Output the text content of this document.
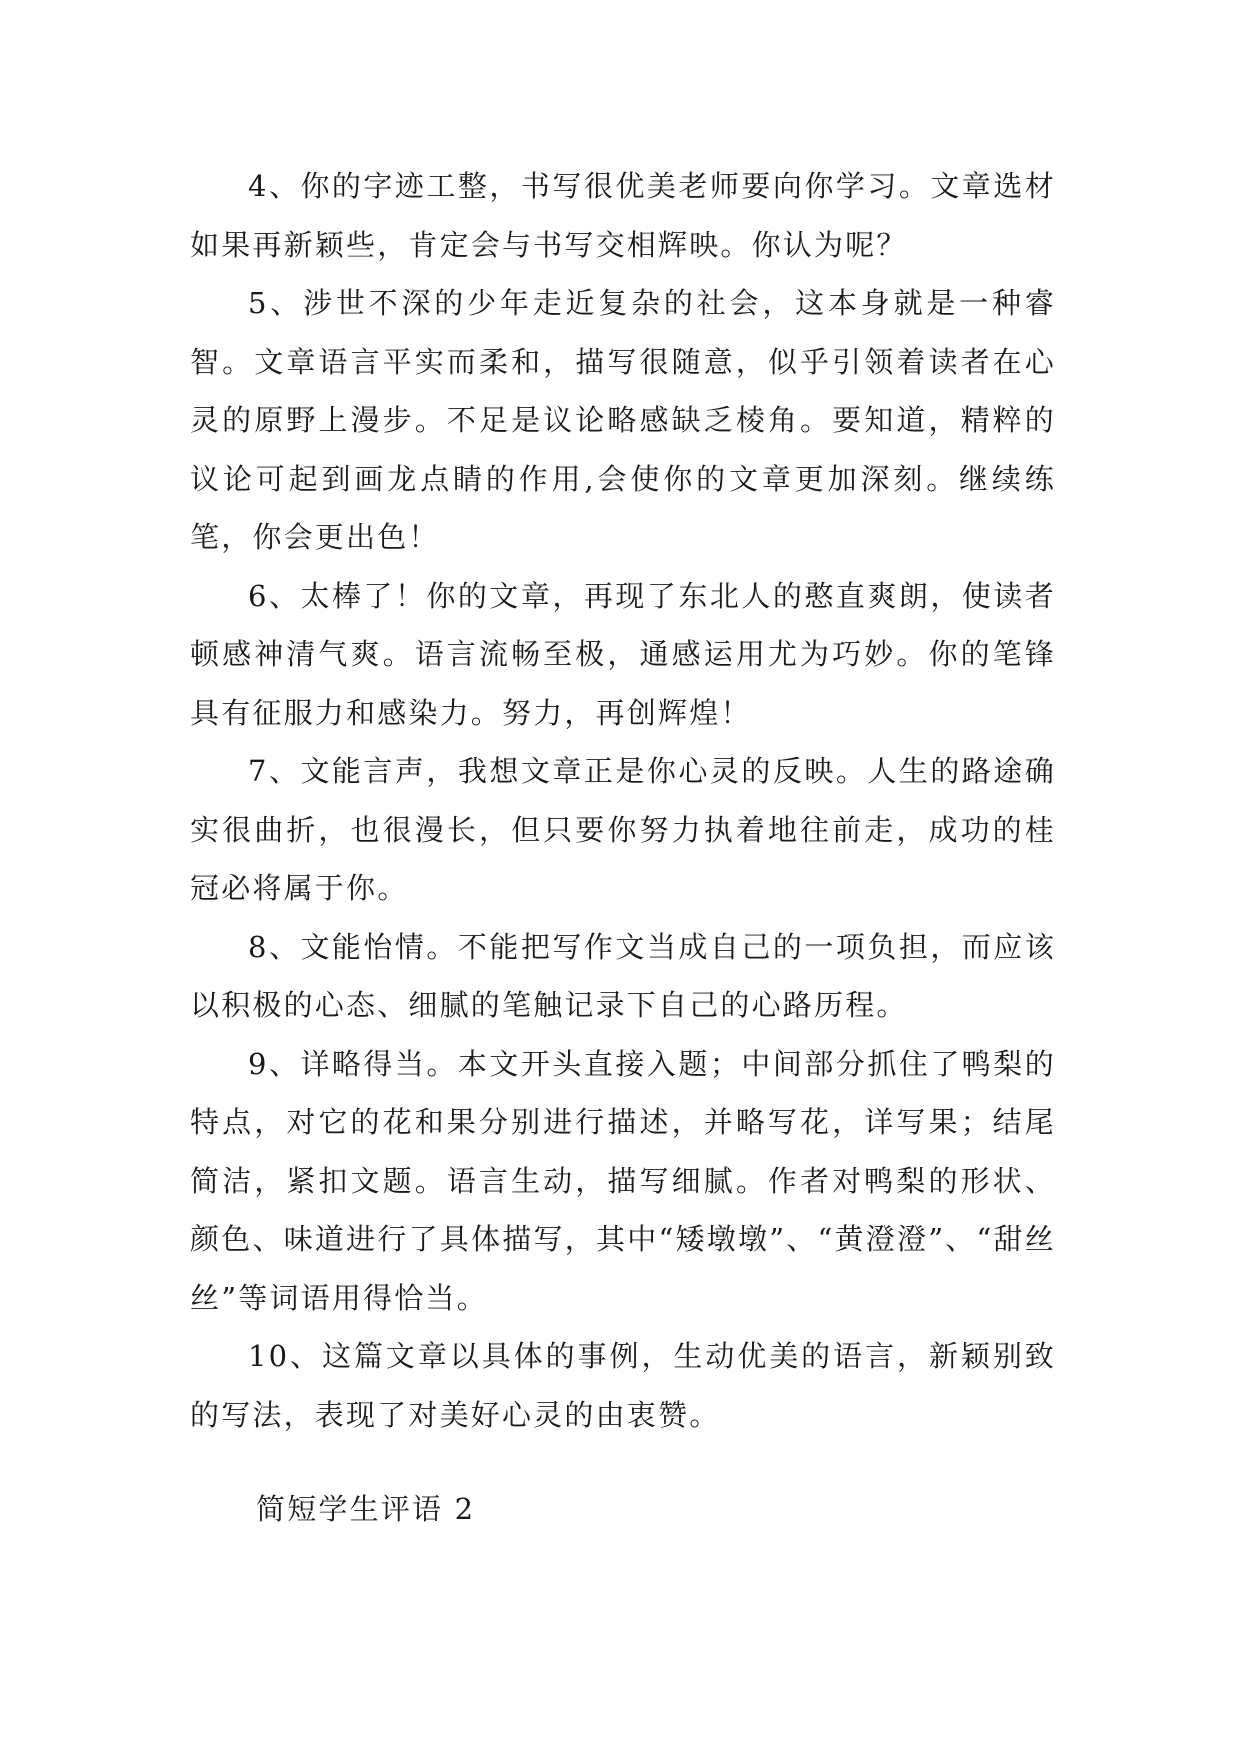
4、你的字迹工整，书写很优美老师要向你学习。文章选材如果再新颖些，肯定会与书写交相辉映。你认为呢？

5、涉世不深的少年走近复杂的社会，这本身就是一种睿智。文章语言平实而柔和，描写很随意，似乎引领着读者在心灵的原野上漫步。不足是议论略感缺乏棱角。要知道，精粹的议论可起到画龙点睛的作用,会使你的文章更加深刻。继续练笔，你会更出色！

6、太棒了！你的文章，再现了东北人的憨直爽朗，使读者顿感神清气爽。语言流畅至极，通感运用尤为巧妙。你的笔锋具有征服力和感染力。努力，再创辉煌！

7、文能言声，我想文章正是你心灵的反映。人生的路途确实很曲折，也很漫长，但只要你努力执着地往前走，成功的桂冠必将属于你。

8、文能怡情。不能把写作文当成自己的一项负担，而应该以积极的心态、细腻的笔触记录下自己的心路历程。

9、详略得当。本文开头直接入题；中间部分抓住了鸭梨的特点，对它的花和果分别进行描述，并略写花，详写果；结尾简洁，紧扣文题。语言生动，描写细腻。作者对鸭梨的形状、颜色、味道进行了具体描写，其中“矮墩墩”、“黄澄澄”、“甜丝丝”等词语用得恰当。

10、这篇文章以具体的事例，生动优美的语言，新颖别致的写法，表现了对美好心灵的由衷赞。

简短学生评语 2
